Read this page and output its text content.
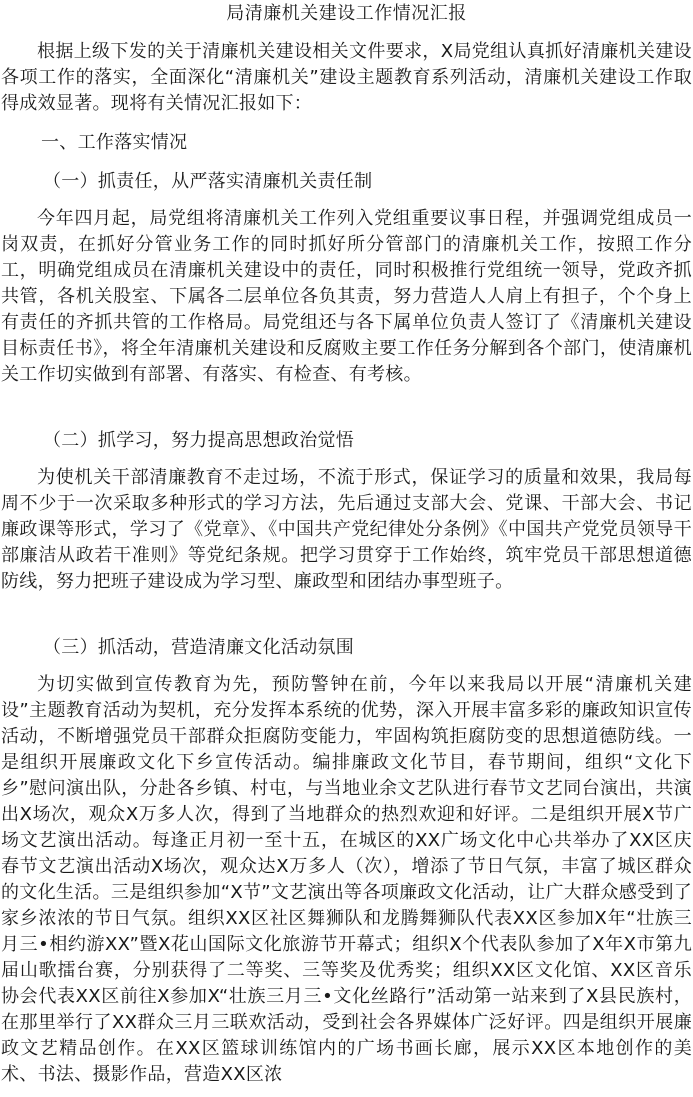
局清廉机关建设工作情况汇报

根据上级下发的关于清廉机关建设相关文件要求，X局党组认真抓好清廉机关建设各项工作的落实，全面深化“清廉机关”建设主题教育系列活动，清廉机关建设工作取得成效显著。现将有关情况汇报如下：

一、工作落实情况
（一）抓责任，从严落实清廉机关责任制

今年四月起，局党组将清廉机关工作列入党组重要议事日程，并强调党组成员一岗双责，在抓好分管业务工作的同时抓好所分管部门的清廉机关工作，按照工作分工，明确党组成员在清廉机关建设中的责任，同时积极推行党组统一领导，党政齐抓共管，各机关股室、下属各二层单位各负其责，努力营造人人肩上有担子，个个身上有责任的齐抓共管的工作格局。局党组还与各下属单位负责人签订了《清廉机关建设目标责任书》，将全年清廉机关建设和反腐败主要工作任务分解到各个部门，使清廉机关工作切实做到有部署、有落实、有检查、有考核。

（二）抓学习，努力提高思想政治觉悟

为使机关干部清廉教育不走过场，不流于形式，保证学习的质量和效果，我局每周不少于一次采取多种形式的学习方法，先后通过支部大会、党课、干部大会、书记廉政课等形式，学习了《党章》、《中国共产党纪律处分条例》《中国共产党党员领导干部廉洁从政若干准则》等党纪条规。把学习贯穿于工作始终，筑牢党员干部思想道德防线，努力把班子建设成为学习型、廉政型和团结办事型班子。

（三）抓活动，营造清廉文化活动氛围

为切实做到宣传教育为先，预防警钟在前，今年以来我局以开展“清廉机关建设”主题教育活动为契机，充分发挥本系统的优势，深入开展丰富多彩的廉政知识宣传活动，不断增强党员干部群众拒腐防变能力，牢固构筑拒腐防变的思想道德防线。一是组织开展廉政文化下乡宣传活动。编排廉政文化节目，春节期间，组织“文化下乡”慰问演出队，分赴各乡镇、村屯，与当地业余文艺队进行春节文艺同台演出，共演出X场次，观众X万多人次，得到了当地群众的热烈欢迎和好评。二是组织开展X节广场文艺演出活动。每逢正月初一至十五，在城区的XX广场文化中心共举办了XX区庆春节文艺演出活动X场次，观众达X万多人（次），增添了节日气氛，丰富了城区群众的文化生活。三是组织参加“X节”文艺演出等各项廉政文化活动，让广大群众感受到了家乡浓浓的节日气氛。组织XX区社区舞狮队和龙腾舞狮队代表XX区参加X年“壮族三月三•相约游XX”暨X花山国际文化旅游节开幕式；组织X个代表队参加了X年X市第九届山歌擂台赛，分别获得了二等奖、三等奖及优秀奖；组织XX区文化馆、XX区音乐协会代表XX区前往X参加X“壮族三月三•文化丝路行”活动第一站来到了X县民族村，在那里举行了XX群众三月三联欢活动，受到社会各界媒体广泛好评。四是组织开展廉政文艺精品创作。在XX区篮球训练馆内的广场书画长廊，展示XX区本地创作的美术、书法、摄影作品，营造XX区浓
